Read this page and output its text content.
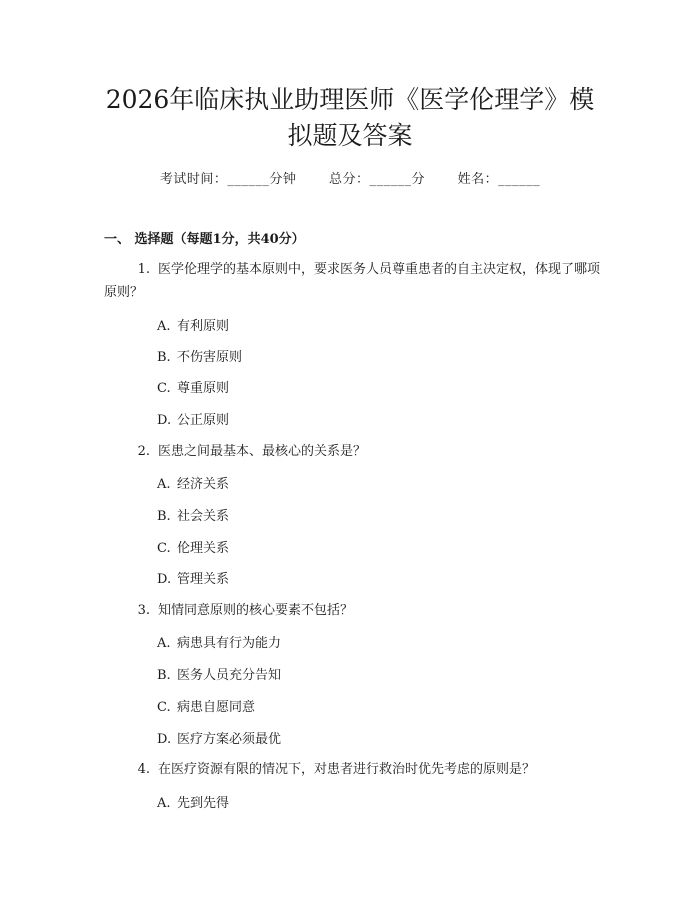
2026年临床执业助理医师《医学伦理学》模
拟题及答案
考试时间：______分钟	总分：______分	姓名：______
一、 选择题（每题1分，共40分）
1. 医学伦理学的基本原则中，要求医务人员尊重患者的自主决定权，体现了哪项原则？
A. 有利原则
B. 不伤害原则
C. 尊重原则
D. 公正原则
2. 医患之间最基本、最核心的关系是？
A. 经济关系
B. 社会关系
C. 伦理关系
D. 管理关系
3. 知情同意原则的核心要素不包括？
A. 病患具有行为能力
B. 医务人员充分告知
C. 病患自愿同意
D. 医疗方案必须最优
4. 在医疗资源有限的情况下，对患者进行救治时优先考虑的原则是？
A. 先到先得
